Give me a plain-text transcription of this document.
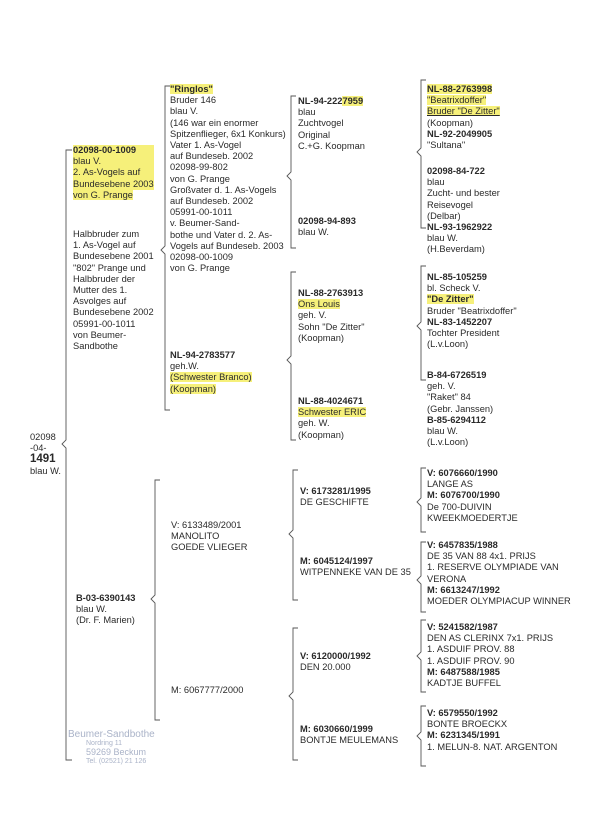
02098
-04-
1491
blau W.
02098-00-1009
blau V.
2. As-Vogels auf
Bundesebene 2003
von G. Prange
Halbbruder zum
1. As-Vogel auf
Bundesebene 2001
"802" Prange und
Halbbruder der
Mutter des 1.
Asvolges auf
Bundesebene 2002
05991-00-1011
von Beumer-
Sandbothe
B-03-6390143
blau W.
(Dr. F. Marien)
"Ringlos"
Bruder 146
blau V.
(146 war ein enormer
Spitzenflieger, 6x1 Konkurs)
Vater 1. As-Vogel
auf Bundeseb. 2002
02098-99-802
von G. Prange
Großvater d. 1. As-Vogels
auf Bundeseb. 2002
05991-00-1011
v. Beumer-Sand-
bothe und Vater d. 2. As-
Vogels auf Bundeseb. 2003
02098-00-1009
von G. Prange
NL-94-2783577
geh.W.
(Schwester Branco)
(Koopman)
V: 6133489/2001
MANOLITO
GOEDE VLIEGER
M: 6067777/2000
NL-94-2227959
blau
Zuchtvogel
Original
C.+G. Koopman
02098-94-893
blau W.
NL-88-2763913
Ons Louis
geh. V.
Sohn "De Zitter"
(Koopman)
NL-88-4024671
Schwester ERIC
geh. W.
(Koopman)
V: 6173281/1995
DE GESCHIFTE
M: 6045124/1997
WITPENNEKE VAN DE 35
V: 6120000/1992
DEN 20.000
M: 6030660/1999
BONTJE MEULEMANS
NL-88-2763998
"Beatrixdoffer"
Bruder "De Zitter"
(Koopman)
NL-92-2049905
"Sultana"
02098-84-722
blau
Zucht- und bester
Reisevogel
(Delbar)
NL-93-1962922
blau W.
(H.Beverdam)
NL-85-105259
bl. Scheck V.
"De Zitter"
Bruder "Beatrixdoffer"
NL-83-1452207
Tochter President
(L.v.Loon)
B-84-6726519
geh. V.
"Raket" 84
(Gebr. Janssen)
B-85-6294112
blau W.
(L.v.Loon)
V: 6076660/1990
LANGE AS
M: 6076700/1990
De 700-DUIVIN
KWEEKMOEDERTJE
V: 6457835/1988
DE 35 VAN 88 4x1. PRIJS
1. RESERVE OLYMPIADE VAN
VERONA
M: 6613247/1992
MOEDER OLYMPIACUP WINNER
V: 5241582/1987
DEN AS CLERINX 7x1. PRIJS
1. ASDUIF PROV. 88
1. ASDUIF PROV. 90
M: 6487588/1985
KADTJE BUFFEL
V: 6579550/1992
BONTE BROECKX
M: 6231345/1991
1. MELUN-8. NAT. ARGENTON
Beumer-Sandbothe
Nordring 11
59269 Beckum
Tel. (02521) 21 126
